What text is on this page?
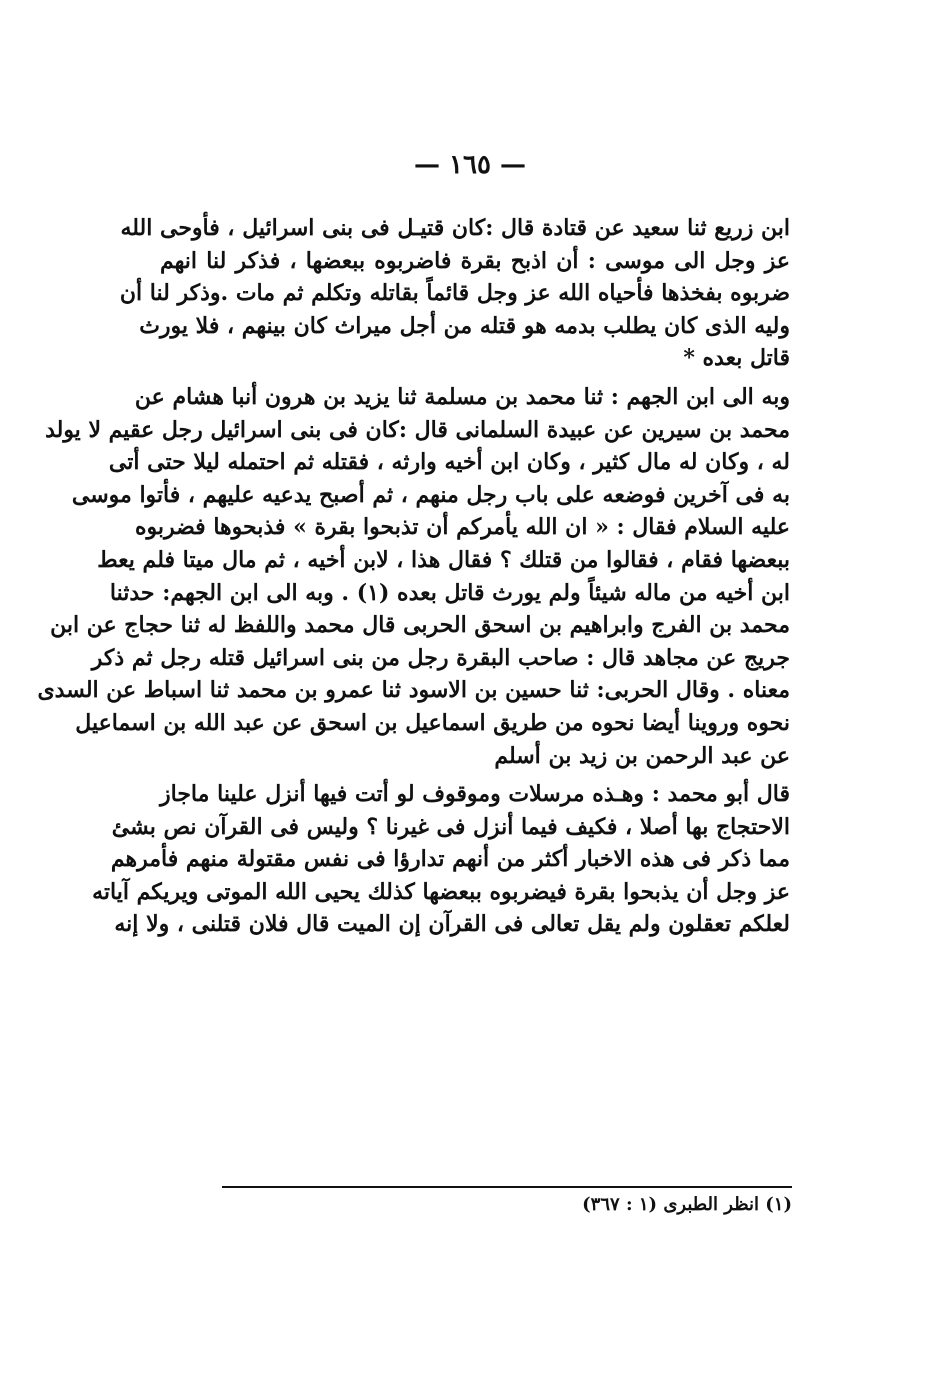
— ١٦٥ —
ابن زريع ثنا سعيد عن قتادة قال :كان قتيـل فى بنى اسرائيل ، فأوحى الله
عز وجل الى موسى : أن اذبح بقرة فاضربوه ببعضها ، فذكر لنا انهم
ضربوه بفخذها فأحياه الله عز وجل قائماً بقاتله وتكلم ثم مات .وذكر لنا أن
وليه الذى كان يطلب بدمه هو قتله من أجل ميراث كان بينهم ، فلا يورث
قاتل بعده *
وبه الى ابن الجهم : ثنا محمد بن مسلمة ثنا يزيد بن هرون أنبا هشام عن
محمد بن سيرين عن عبيدة السلمانى قال :كان فى بنى اسرائيل رجل عقيم لا يولد
له ، وكان له مال كثير ، وكان ابن أخيه وارثه ، فقتله ثم احتمله ليلا حتى أتى
به فى آخرين فوضعه على باب رجل منهم ، ثم أصبح يدعيه عليهم ، فأتوا موسى
عليه السلام فقال : « ان الله يأمركم أن تذبحوا بقرة » فذبحوها فضربوه
ببعضها فقام ، فقالوا من قتلك ؟ فقال هذا ، لابن أخيه ، ثم مال ميتا فلم يعط
ابن أخيه من ماله شيئاً ولم يورث قاتل بعده (١) . وبه الى ابن الجهم: حدثنا
محمد بن الفرج وابراهيم بن اسحق الحربى قال محمد واللفظ له ثنا حجاج عن ابن
جريج عن مجاهد قال : صاحب البقرة رجل من بنى اسرائيل قتله رجل ثم ذكر
معناه . وقال الحربى: ثنا حسين بن الاسود ثنا عمرو بن محمد ثنا اسباط عن السدى
نحوه وروينا أيضا نحوه من طريق اسماعيل بن اسحق عن عبد الله بن اسماعيل
عن عبد الرحمن بن زيد بن أسلم
قال أبو محمد : وهـذه مرسلات وموقوف لو أتت فيها أنزل علينا ماجاز
الاحتجاج بها أصلا ، فكيف فيما أنزل فى غيرنا ؟ وليس فى القرآن نص بشئ
مما ذكر فى هذه الاخبار أكثر من أنهم تدارؤا فى نفس مقتولة منهم فأمرهم
عز وجل أن يذبحوا بقرة فيضربوه ببعضها كذلك يحيى الله الموتى ويريكم آياته
لعلكم تعقلون ولم يقل تعالى فى القرآن إن الميت قال فلان قتلنى ، ولا إنه
(١) انظر الطبرى (١ : ٣٦٧)
